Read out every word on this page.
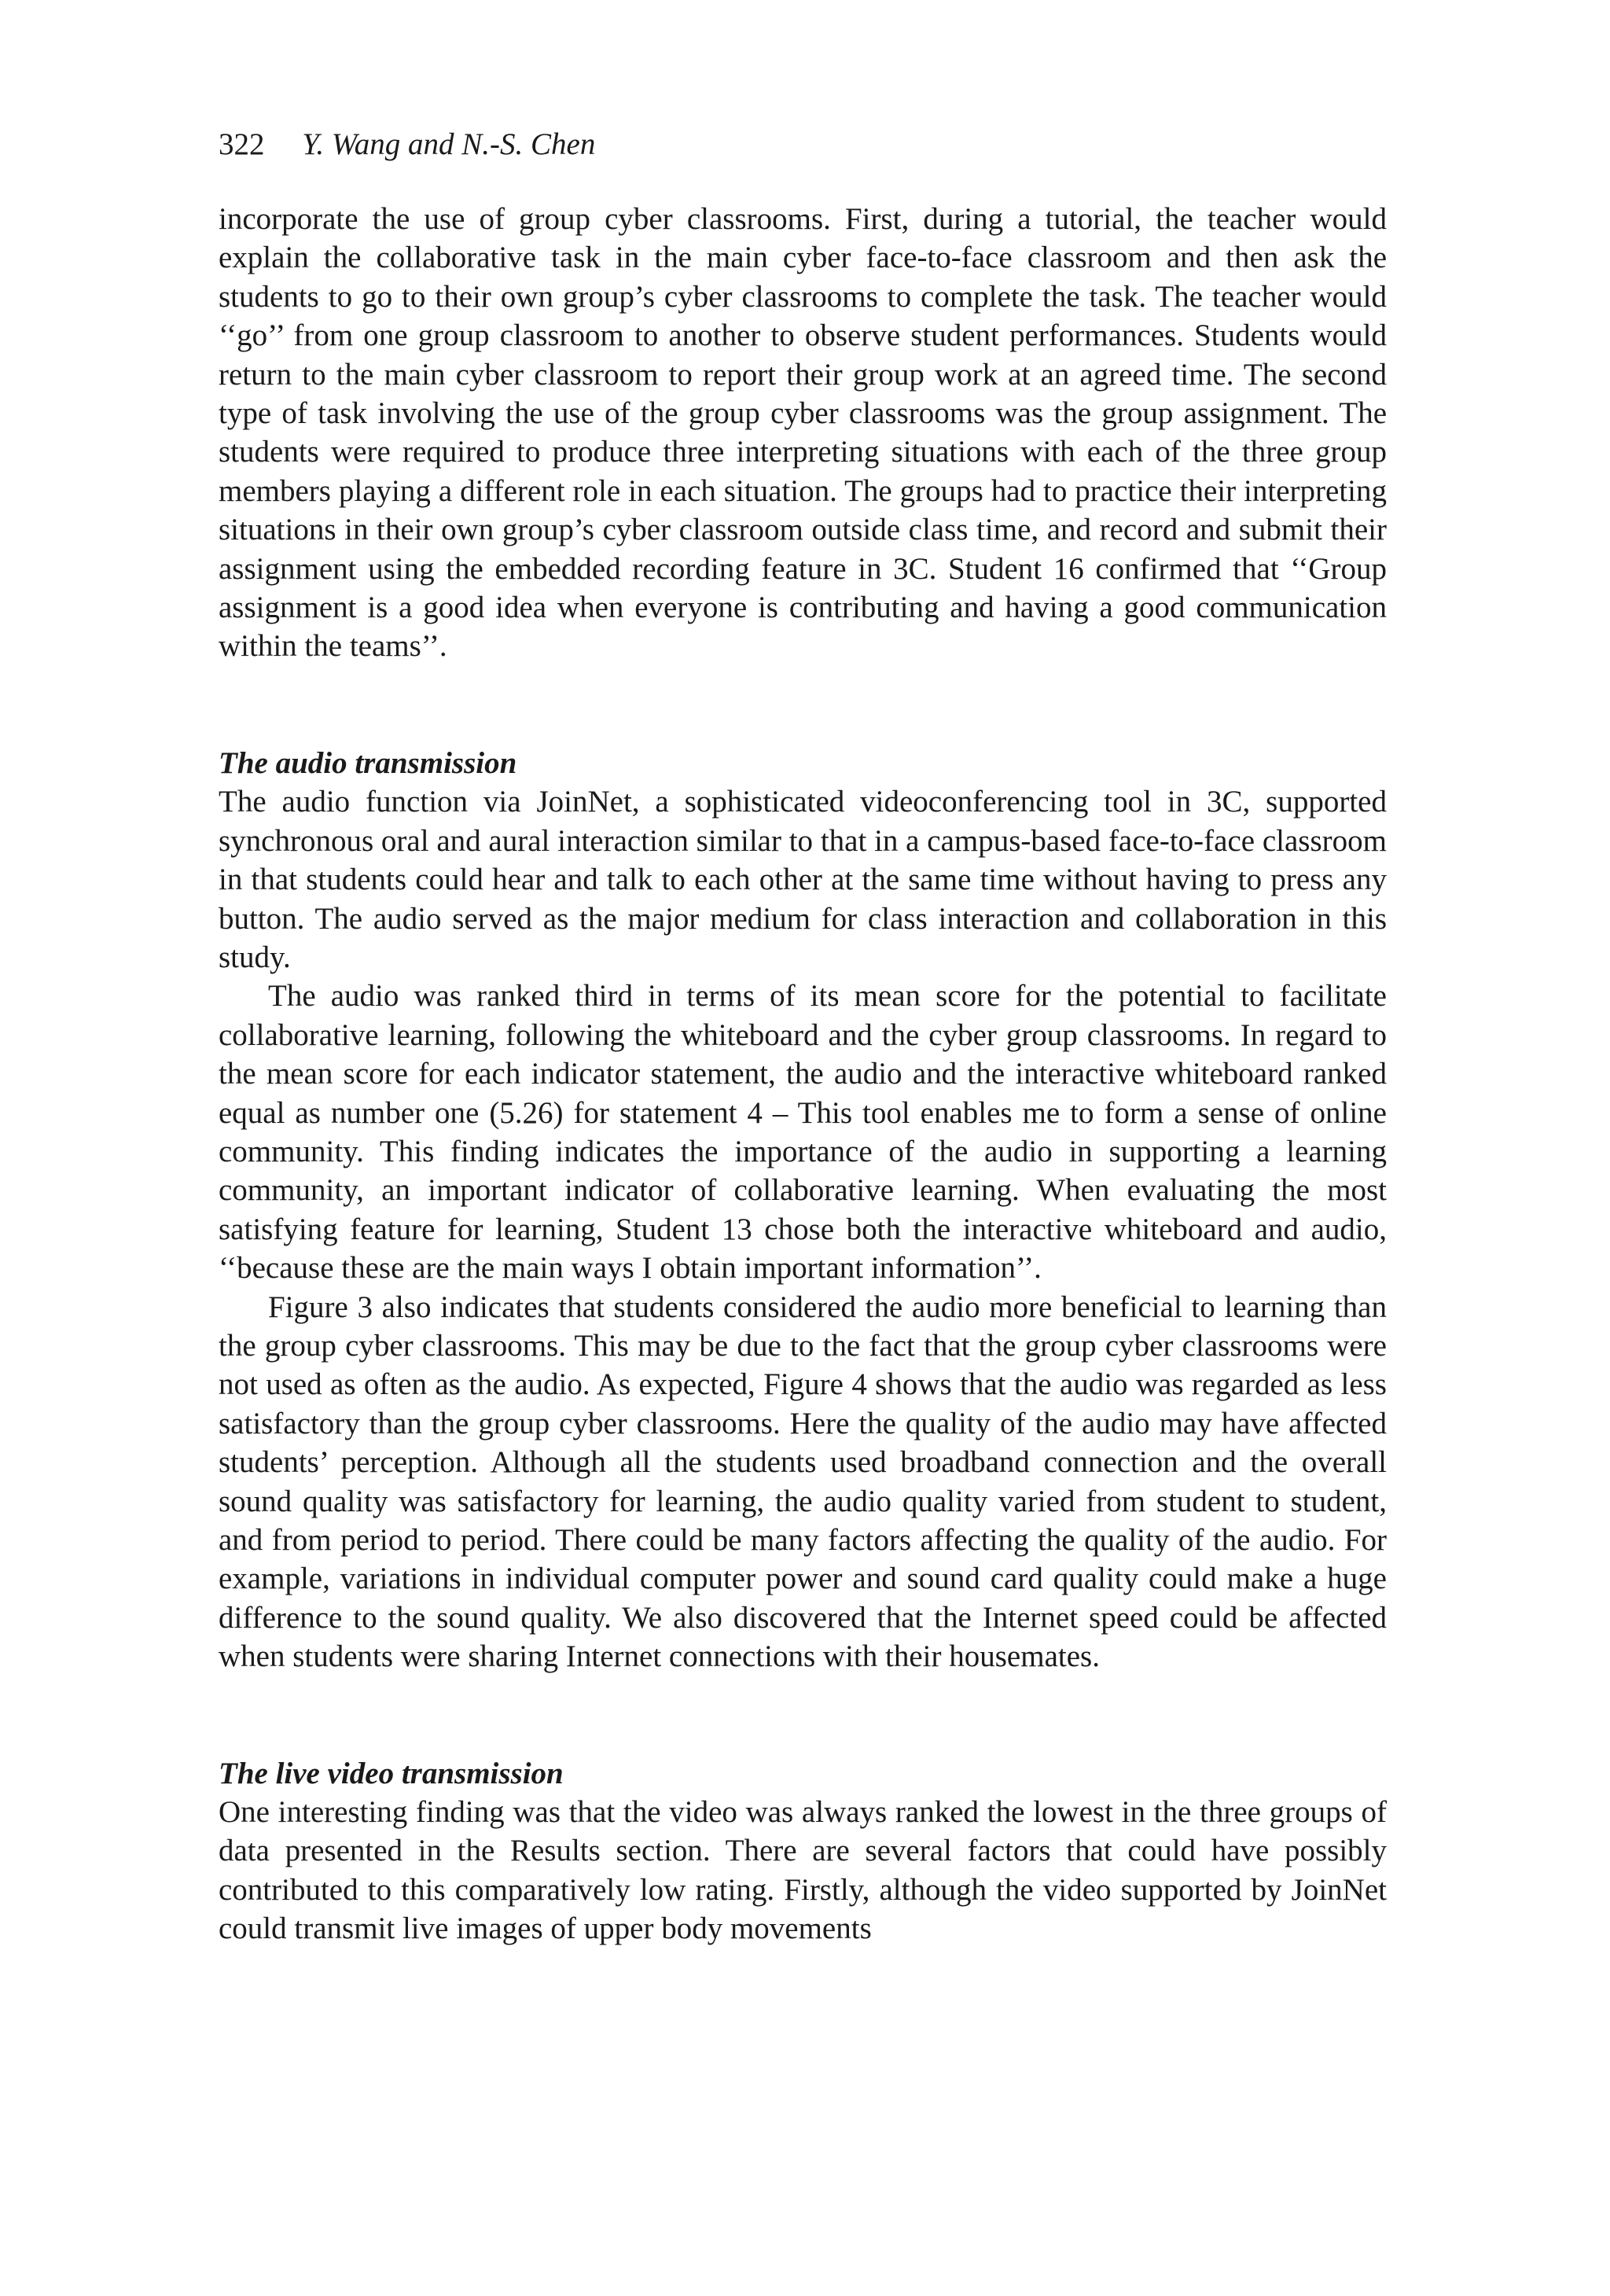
322 Y. Wang and N.-S. Chen

incorporate the use of group cyber classrooms. First, during a tutorial, the teacher would explain the collaborative task in the main cyber face-to-face classroom and then ask the students to go to their own group’s cyber classrooms to complete the task. The teacher would ‘‘go’’ from one group classroom to another to observe student performances. Students would return to the main cyber classroom to report their group work at an agreed time. The second type of task involving the use of the group cyber classrooms was the group assignment. The students were required to produce three interpreting situations with each of the three group members playing a different role in each situation. The groups had to practice their interpreting situations in their own group’s cyber classroom outside class time, and record and submit their assignment using the embedded recording feature in 3C. Student 16 confirmed that ‘‘Group assignment is a good idea when everyone is contributing and having a good communication within the teams’’.

The audio transmission

The audio function via JoinNet, a sophisticated videoconferencing tool in 3C, supported synchronous oral and aural interaction similar to that in a campus-based face-to-face classroom in that students could hear and talk to each other at the same time without having to press any button. The audio served as the major medium for class interaction and collaboration in this study.

The audio was ranked third in terms of its mean score for the potential to facilitate collaborative learning, following the whiteboard and the cyber group classrooms. In regard to the mean score for each indicator statement, the audio and the interactive whiteboard ranked equal as number one (5.26) for statement 4 – This tool enables me to form a sense of online community. This finding indicates the importance of the audio in supporting a learning community, an important indicator of collaborative learning. When evaluating the most satisfying feature for learning, Student 13 chose both the interactive whiteboard and audio, ‘‘because these are the main ways I obtain important information’’.

Figure 3 also indicates that students considered the audio more beneficial to learning than the group cyber classrooms. This may be due to the fact that the group cyber classrooms were not used as often as the audio. As expected, Figure 4 shows that the audio was regarded as less satisfactory than the group cyber classrooms. Here the quality of the audio may have affected students’ perception. Although all the students used broadband connection and the overall sound quality was satisfactory for learning, the audio quality varied from student to student, and from period to period. There could be many factors affecting the quality of the audio. For example, variations in individual computer power and sound card quality could make a huge difference to the sound quality. We also discovered that the Internet speed could be affected when students were sharing Internet connections with their housemates.

The live video transmission

One interesting finding was that the video was always ranked the lowest in the three groups of data presented in the Results section. There are several factors that could have possibly contributed to this comparatively low rating. Firstly, although the video supported by JoinNet could transmit live images of upper body movements
